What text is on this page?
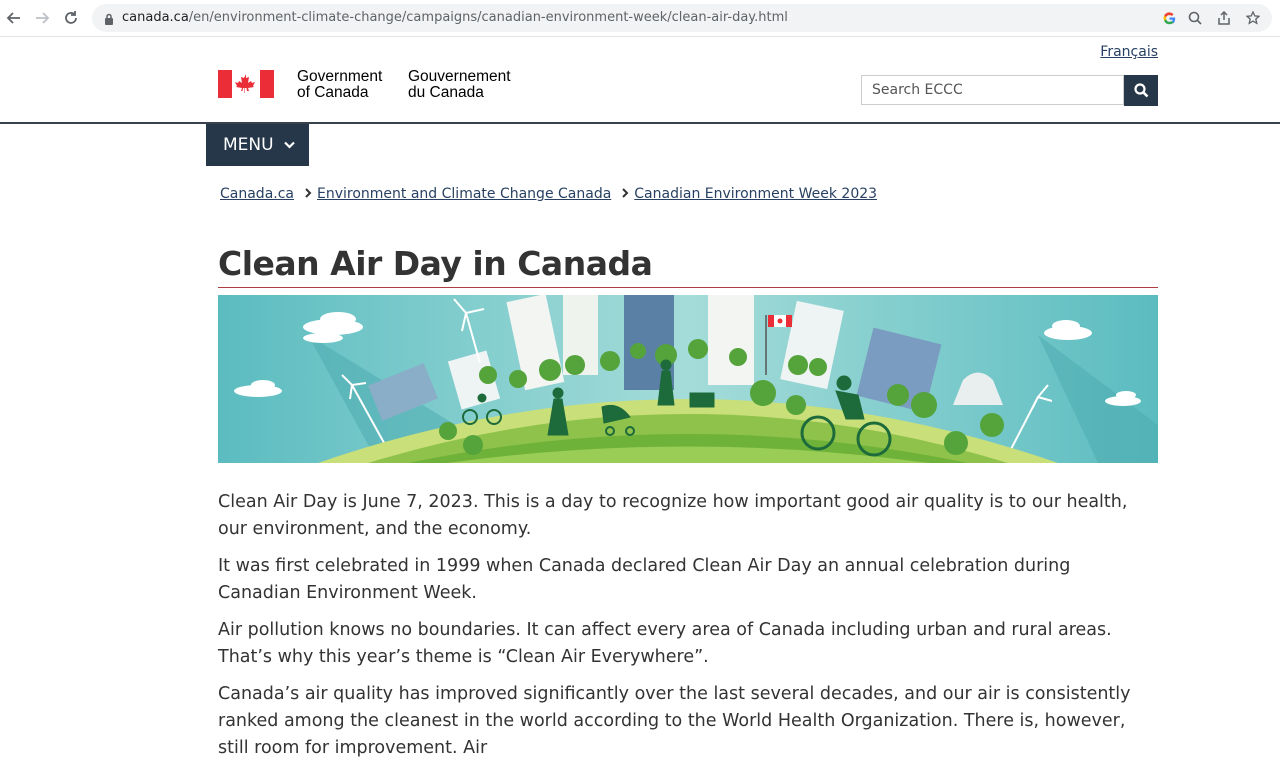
canada.ca/en/environment-climate-change/campaigns/canadian-environment-week/clean-air-day.html
Français
Government
of Canada
Gouvernement
du Canada
Search ECCC
MENU
Canada.ca Environment and Climate Change Canada Canadian Environment Week 2023
Clean Air Day in Canada

Clean Air Day is June 7, 2023. This is a day to recognize how important good air quality is to our health, our environment, and the economy.

It was first celebrated in 1999 when Canada declared Clean Air Day an annual celebration during Canadian Environment Week.

Air pollution knows no boundaries. It can affect every area of Canada including urban and rural areas. That’s why this year’s theme is “Clean Air Everywhere”.

Canada’s air quality has improved significantly over the last several decades, and our air is consistently ranked among the cleanest in the world according to the World Health Organization. There is, however, still room for improvement. Air
